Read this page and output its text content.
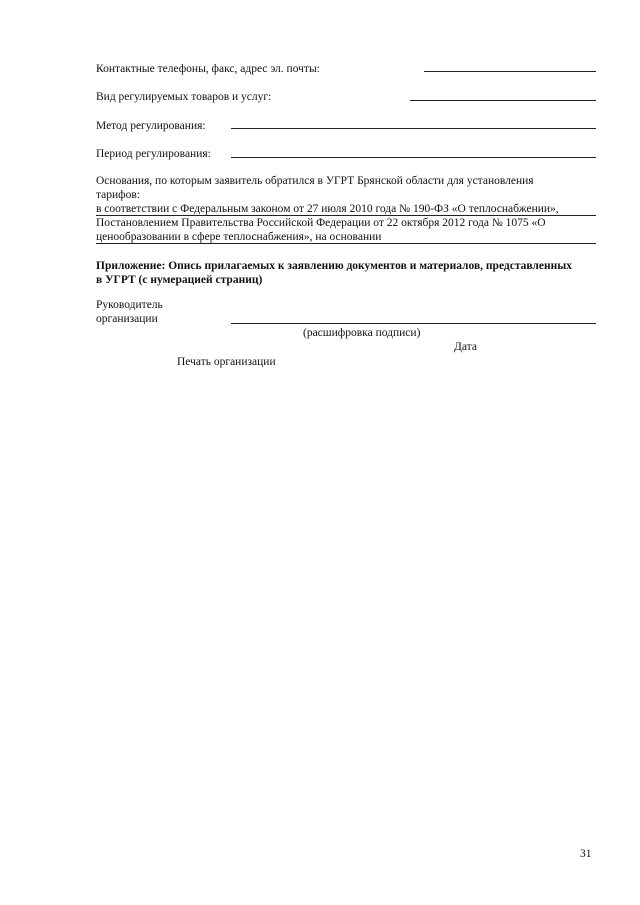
Контактные телефоны, факс, адрес эл. почты:
Вид регулируемых товаров и услуг:
Метод регулирования:
Период регулирования:
Основания, по которым заявитель обратился в УГРТ Брянской области для установления
тарифов:
в соответствии с Федеральным законом от 27 июля 2010 года № 190-ФЗ «О теплоснабжении»,
Постановлением Правительства Российской Федерации от 22 октября 2012 года № 1075 «О
ценообразовании в сфере теплоснабжения», на основании
Приложение: Опись прилагаемых к заявлению документов и материалов, представленных
в УГРТ (с нумерацией страниц)
Руководитель
организации
(расшифровка подписи)
Дата
Печать организации
31
